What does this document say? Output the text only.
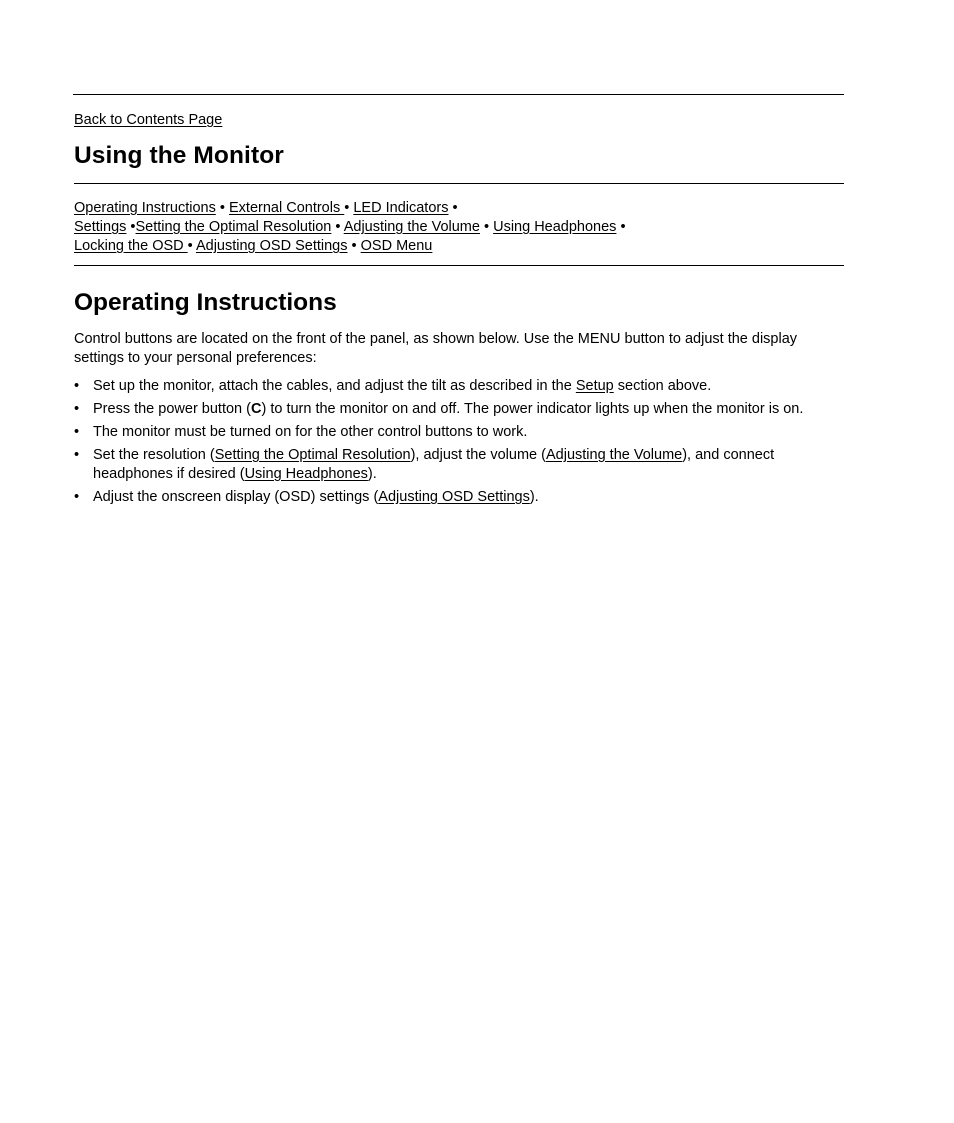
Back to Contents Page
Using the Monitor
Operating Instructions • External Controls • LED Indicators •
Settings •Setting the Optimal Resolution • Adjusting the Volume • Using Headphones •
Locking the OSD • Adjusting OSD Settings • OSD Menu
Operating Instructions

Control buttons are located on the front of the panel, as shown below. Use the MENU button to adjust the display settings to your personal preferences:

• Set up the monitor, attach the cables, and adjust the tilt as described in the Setup section above.
• Press the power button (C) to turn the monitor on and off. The power indicator lights up when the monitor is on.
• The monitor must be turned on for the other control buttons to work.
• Set the resolution (Setting the Optimal Resolution), adjust the volume (Adjusting the Volume), and connect headphones if desired (Using Headphones).
• Adjust the onscreen display (OSD) settings (Adjusting OSD Settings).
